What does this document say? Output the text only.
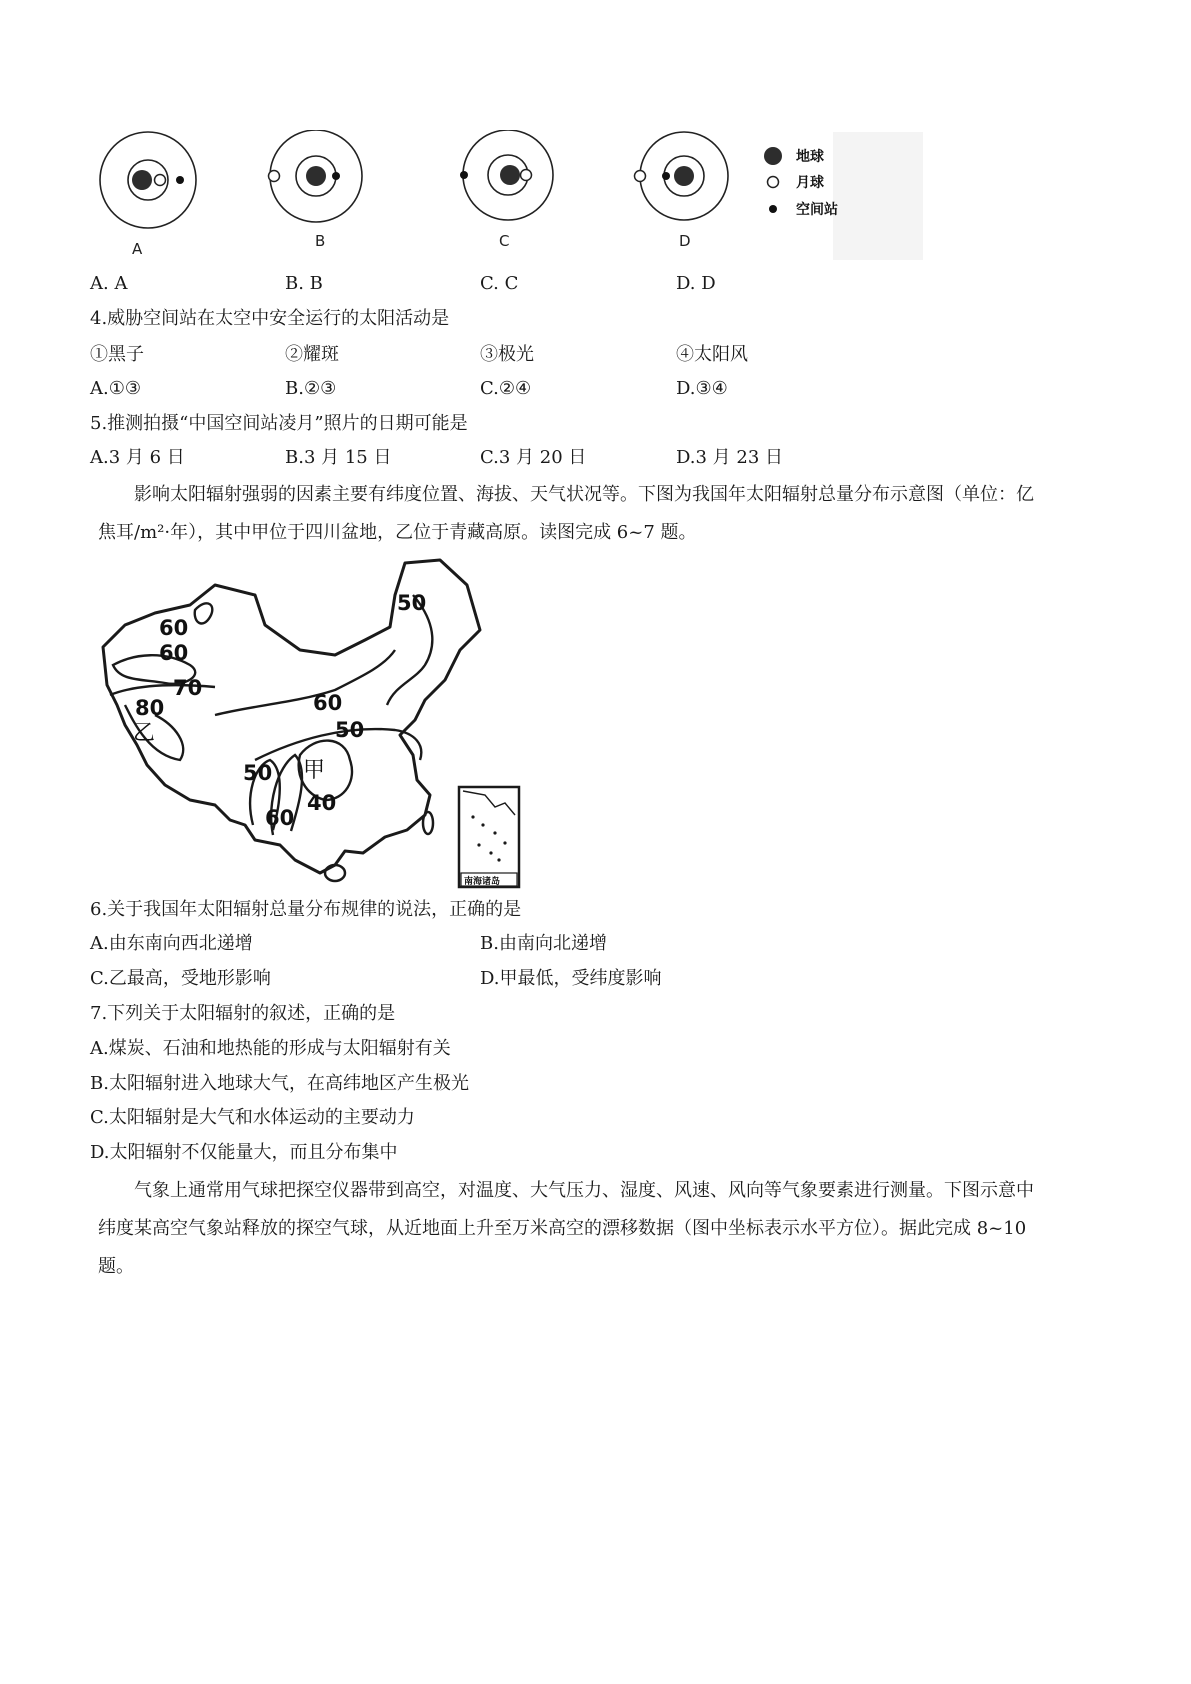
A	B	C	D
地球
月球
空间站
A. A	B. B	C. C	D. D
4.威胁空间站在太空中安全运行的太阳活动是
①黑子	②耀斑	③极光	④太阳风
A.①③	B.②③	C.②④	D.③④
5.推测拍摄“中国空间站凌月”照片的日期可能是
A.3 月 6 日	B.3 月 15 日	C.3 月 20 日	D.3 月 23 日
影响太阳辐射强弱的因素主要有纬度位置、海拔、天气状况等。下图为我国年太阳辐射总量分布示意图（单位：亿焦耳/m²·年），其中甲位于四川盆地，乙位于青藏高原。读图完成 6~7 题。
60
60
70
80
乙
50
60
50
50
60
甲
40
南海诸岛
6.关于我国年太阳辐射总量分布规律的说法，正确的是
A.由东南向西北递增	B.由南向北递增
C.乙最高，受地形影响	D.甲最低，受纬度影响
7.下列关于太阳辐射的叙述，正确的是
A.煤炭、石油和地热能的形成与太阳辐射有关
B.太阳辐射进入地球大气，在高纬地区产生极光
C.太阳辐射是大气和水体运动的主要动力
D.太阳辐射不仅能量大，而且分布集中
气象上通常用气球把探空仪器带到高空，对温度、大气压力、湿度、风速、风向等气象要素进行测量。下图示意中纬度某高空气象站释放的探空气球，从近地面上升至万米高空的漂移数据（图中坐标表示水平方位）。据此完成 8~10 题。
